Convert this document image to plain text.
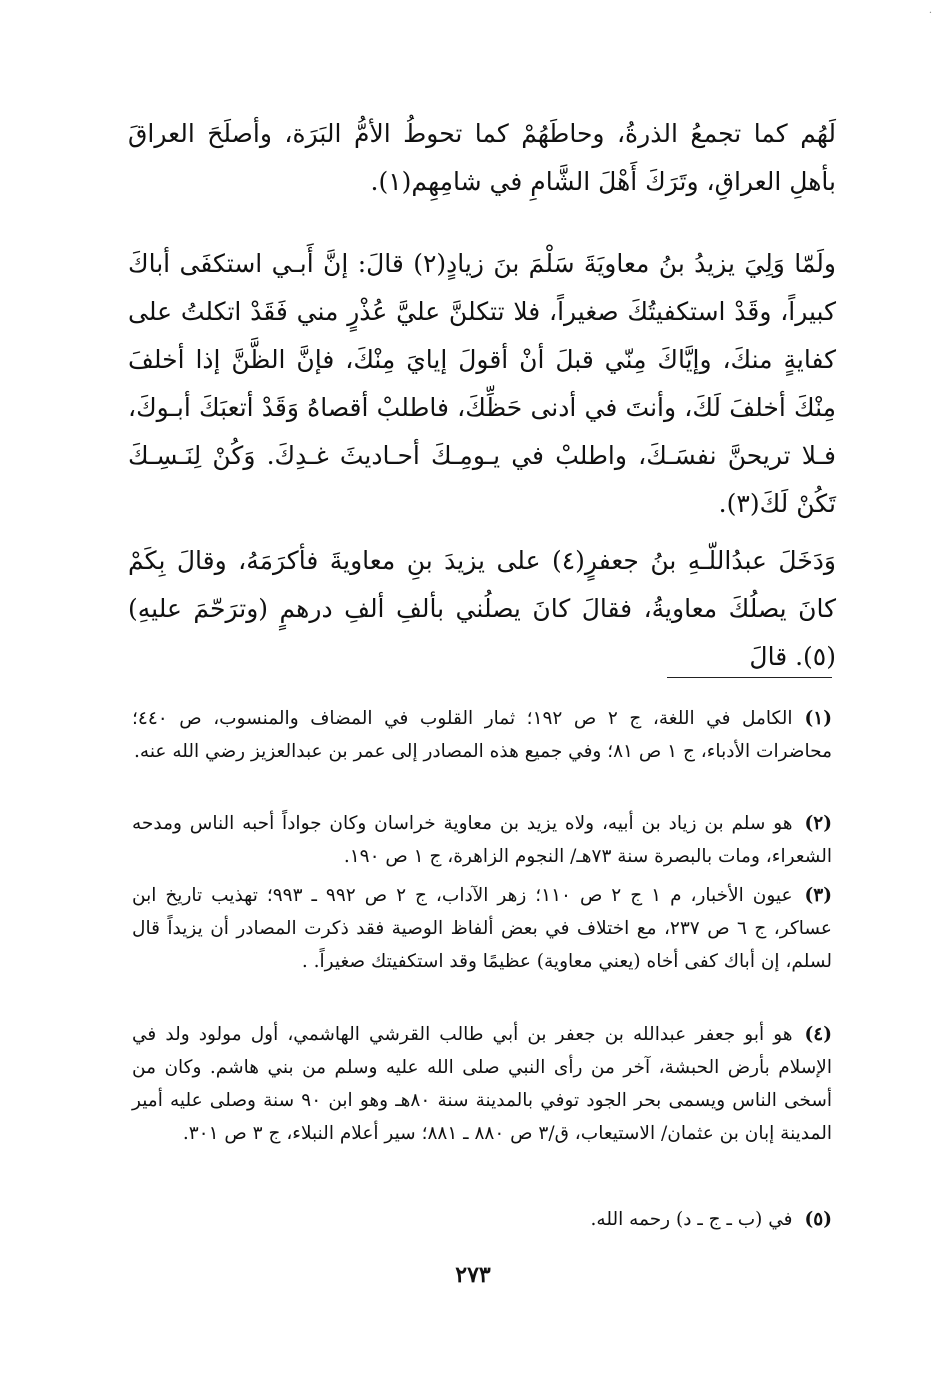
·
لَهُم كما تجمعُ الذرةُ، وحاطَهُمْ كما تحوطُ الأمُّ البَرَة، وأصلَحَ العراقَ بأهلِ العراقِ، وتَرَكَ أَهْلَ الشَّامِ في شامِهِم(١).
ولَمّا وَلِيَ يزيدُ بنُ معاويَةَ سَلْمَ بنَ زيادٍ(٢) قالَ: إنَّ أَبـي استكفَى أباكَ كبيراً، وقَدْ استكفيتُكَ صغيراً، فلا تتكلنَّ عليَّ عُذْرٍ مني فَقَدْ اتكلتُ على كفايةٍ منكَ، وإيَّاكَ مِنّي قبلَ أنْ أقولَ إيايَ مِنْكَ، فإنَّ الظَّنَّ إذا أخلفَ مِنْكَ أخلفَ لَكَ، وأنتَ في أدنى حَظِّكَ، فاطلبْ أقصاهُ وَقَدْ أتعبَكَ أبـوكَ، فـلا تريحنَّ نفسَـكَ، واطلبْ في يـومِـكَ أحـاديثَ غـدِكَ. وَكُنْ لِنَـسِـكَ تَكُنْ لَكَ(٣).
وَدَخَلَ عبدُاللّـهِ بنُ جعفرٍ(٤) على يزيدَ بنِ معاويةَ فأكرَمَهُ، وقالَ بِكَمْ كانَ يصلُكَ معاويةُ، فقالَ كانَ يصلُني بألفِ ألفِ درهمٍ (وترَحّمَ عليهِ)(٥). قالَ
(١)الكامل في اللغة، ج ٢ ص ١٩٢؛ ثمار القلوب في المضاف والمنسوب، ص ٤٤٠؛ محاضرات الأدباء، ج ١ ص ٨١؛ وفي جميع هذه المصادر إلى عمر بن عبدالعزيز رضي الله عنه.
(٢)هو سلم بن زياد بن أبيه، ولاه يزيد بن معاوية خراسان وكان جواداً أحبه الناس ومدحه الشعراء، ومات بالبصرة سنة ٧٣هـ/ النجوم الزاهرة، ج ١ ص ١٩٠.
(٣)عيون الأخبار، م ١ ج ٢ ص ١١٠؛ زهر الآداب، ج ٢ ص ٩٩٢ ـ ٩٩٣؛ تهذيب تاريخ ابن عساكر، ج ٦ ص ٢٣٧، مع اختلاف في بعض ألفاظ الوصية فقد ذكرت المصادر أن يزيداً قال لسلم، إن أباك كفى أخاه (يعني معاوية) عظيمًا وقد استكفيتك صغيراً. .
(٤)هو أبو جعفر عبدالله بن جعفر بن أبي طالب القرشي الهاشمي، أول مولود ولد في الإسلام بأرض الحبشة، آخر من رأى النبي صلى الله عليه وسلم من بني هاشم. وكان من أسخى الناس ويسمى بحر الجود توفي بالمدينة سنة ٨٠هـ وهو ابن ٩٠ سنة وصلى عليه أمير المدينة إبان بن عثمان/ الاستيعاب، ق/٣ ص ٨٨٠ ـ ٨٨١؛ سير أعلام النبلاء، ج ٣ ص ٣٠١.
(٥)في (ب ـ ج ـ د) رحمه الله.
٢٧٣
